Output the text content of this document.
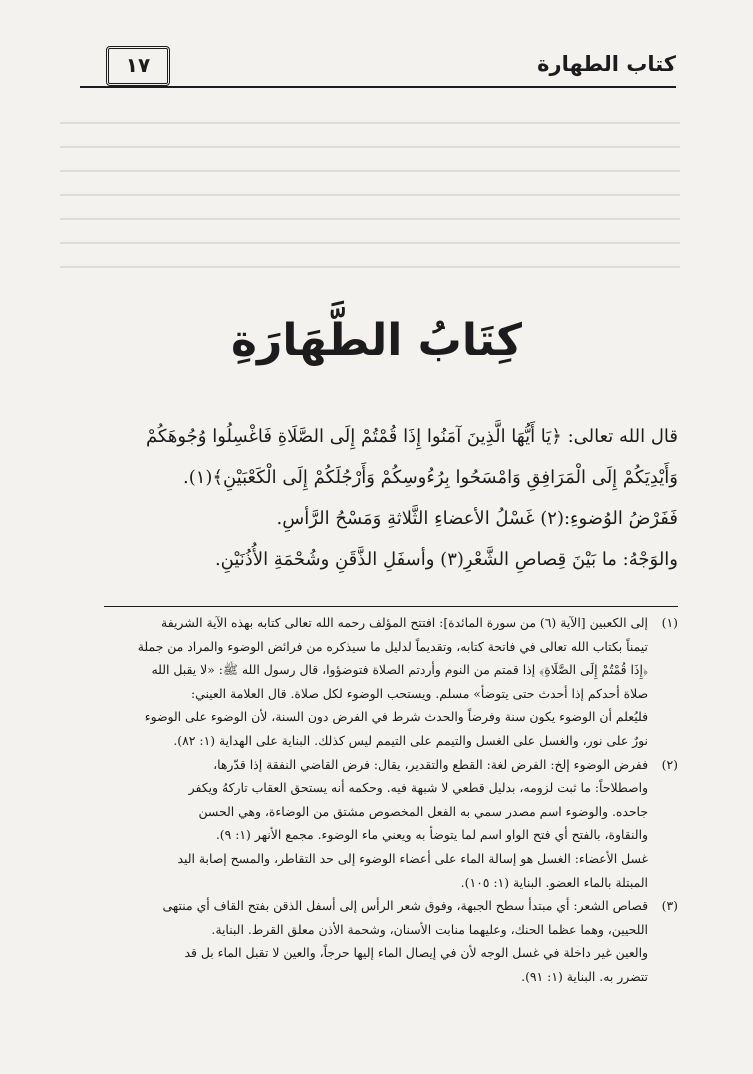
١٧	كتاب الطهارة
كِتَابُ الطَّهَارَةِ

قال الله تعالى: ﴿يَا أَيُّهَا الَّذِينَ آمَنُوا إِذَا قُمْتُمْ إِلَى الصَّلَاةِ فَاغْسِلُوا وُجُوهَكُمْ

وَأَيْدِيَكُمْ إِلَى الْمَرَافِقِ وَامْسَحُوا بِرُءُوسِكُمْ وَأَرْجُلَكُمْ إِلَى الْكَعْبَيْنِ﴾(١).

فَفَرْضُ الوُضوءِ:(٢) غَسْلُ الأعضاءِ الثَّلاثةِ وَمَسْحُ الرَّأسِ.

والوَجْهُ: ما بَيْنَ قِصاصِ الشَّعْرِ(٣) وأسفَلِ الذَّقَنِ وشُحْمَةِ الأُذُنَيْنِ.

(١)إلى الكعبين [الآية (٦) من سورة المائدة]: افتتح المؤلف رحمه الله تعالى كتابه بهذه الآية الشريفة
تيمناً بكتاب الله تعالى في فاتحة كتابه، وتقديماً لدليل ما سيذكره من فرائض الوضوء والمراد من جملة
﴿إِذَا قُمْتُمْ إِلَى الصَّلَاةِ﴾ إذا قمتم من النوم وأردتم الصلاة فتوضؤوا، قال رسول الله ﷺ: «لا يقبل الله
صلاة أحدكم إذا أحدث حتى يتوضأ» مسلم. ويستحب الوضوء لكل صلاة. قال العلامة العيني:
فليُعلم أن الوضوء يكون سنة وفرضاً والحدث شرط في الفرض دون السنة، لأن الوضوء على الوضوء
نورٌ على نور، والغسل على الغسل والتيمم على التيمم ليس كذلك. البناية على الهداية (١: ٨٢).
(٢)ففرض الوضوء إلخ: الفرض لغة: القطع والتقدير، يقال: فرض القاضي النفقة إذا قدّرها،
واصطلاحاً: ما ثبت لزومه، بدليل قطعي لا شبهة فيه. وحكمه أنه يستحق العقاب تاركهُ ويكفر
جاحده. والوضوء اسم مصدر سمي به الفعل المخصوص مشتق من الوضاءة، وهي الحسن
والنقاوة، بالفتح أي فتح الواو اسم لما يتوضأ به ويعني ماء الوضوء. مجمع الأنهر (١: ٩).
غسل الأعضاء: الغسل هو إسالة الماء على أعضاء الوضوء إلى حد التقاطر، والمسح إصابة اليد
المبتلة بالماء العضو. البناية (١: ١٠٥).
(٣)قصاص الشعر: أي مبتدأ سطح الجبهة، وفوق شعر الرأس إلى أسفل الذقن بفتح القاف أي منتهى
اللحيين، وهما عظما الحنك، وعليهما منابت الأسنان، وشحمة الأذن معلق القرط. البناية.
والعين غير داخلة في غسل الوجه لأن في إيصال الماء إليها حرجاً، والعين لا تقبل الماء بل قد
تتضرر به. البناية (١: ٩١).
